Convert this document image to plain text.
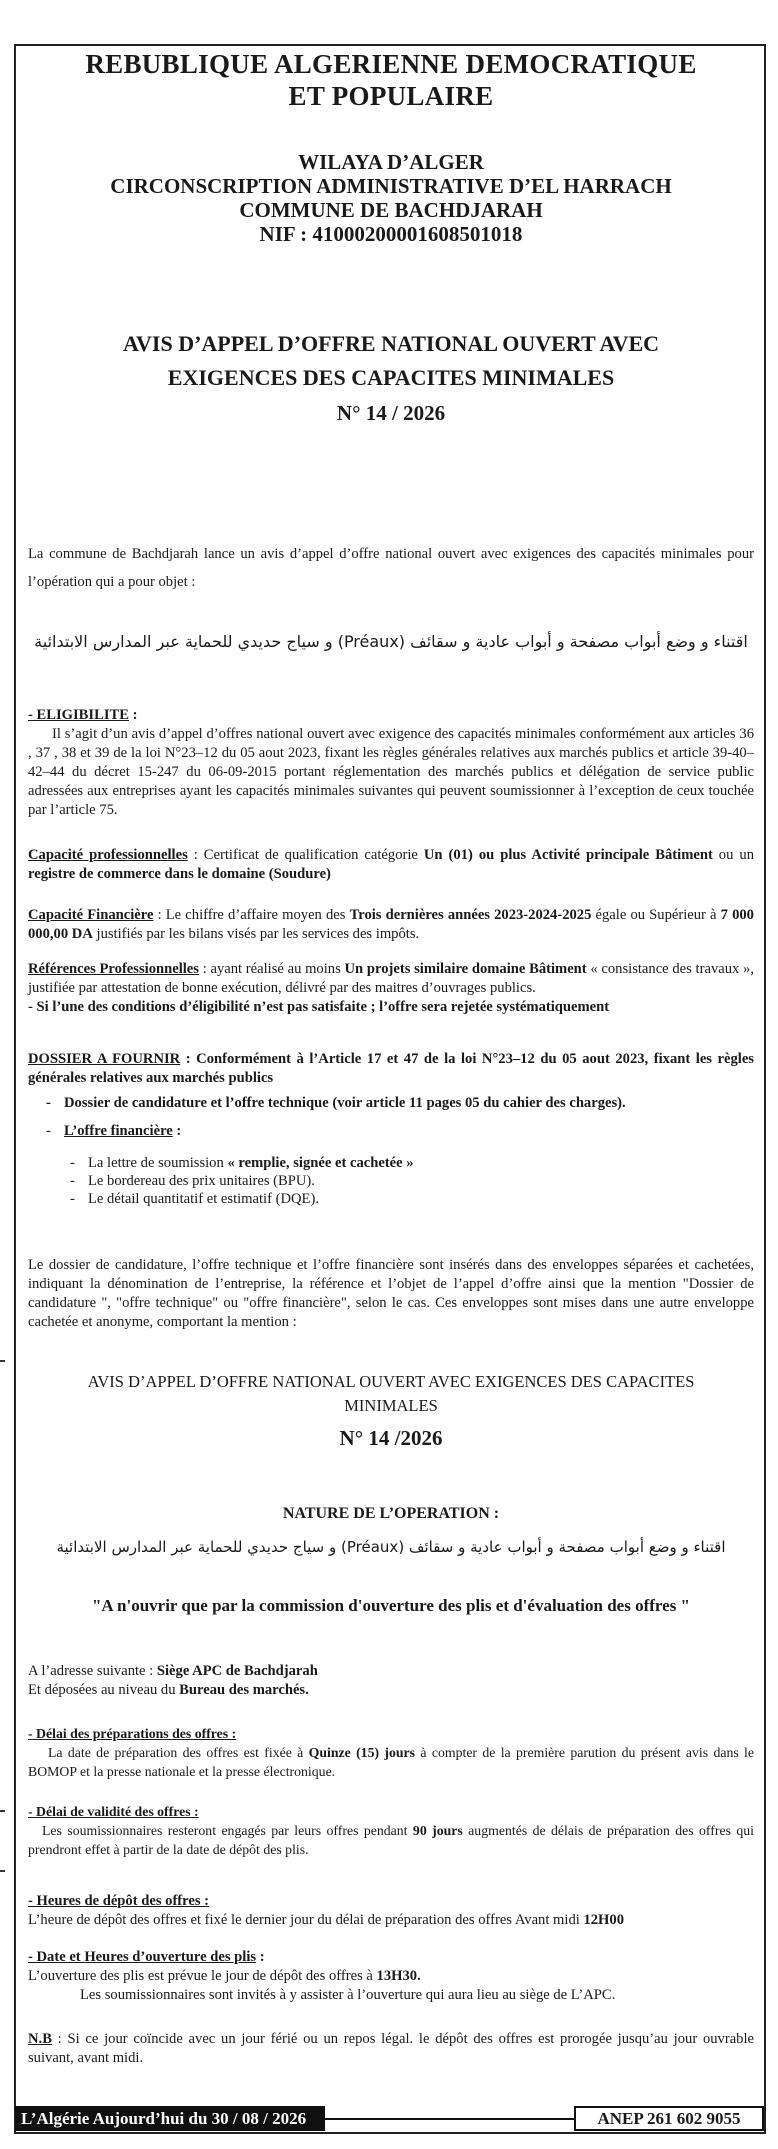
REBUBLIQUE ALGERIENNE DEMOCRATIQUE
ET POPULAIRE
WILAYA D’ALGER
CIRCONSCRIPTION ADMINISTRATIVE D’EL HARRACH
COMMUNE DE BACHDJARAH
NIF : 41000200001608501018
AVIS D’APPEL D’OFFRE NATIONAL OUVERT AVEC
EXIGENCES DES CAPACITES MINIMALES
N° 14 / 2026
La commune de Bachdjarah lance un avis d’appel d’offre national ouvert avec exigences des capacités minimales pour l’opération qui a pour objet :
اقتناء و وضع أبواب مصفحة و أبواب عادية و سقائف (Préaux) و سياج حديدي للحماية عبر المدارس الابتدائية
- ELIGIBILITE :
Il s’agit d’un avis d’appel d’offres national ouvert avec exigence des capacités minimales conformément aux articles 36 , 37 , 38 et 39 de la loi N°23–12 du 05 aout 2023, fixant les règles générales relatives aux marchés publics et article 39-40–42–44 du décret 15-247 du 06-09-2015 portant réglementation des marchés publics et délégation de service public adressées aux entreprises ayant les capacités minimales suivantes qui peuvent soumissionner à l’exception de ceux touchée par l’article 75.
Capacité professionnelles : Certificat de qualification catégorie Un (01) ou plus Activité principale Bâtiment ou un registre de commerce dans le domaine (Soudure)
Capacité Financière : Le chiffre d’affaire moyen des Trois dernières années 2023-2024-2025 égale ou Supérieur à 7 000 000,00 DA justifiés par les bilans visés par les services des impôts.
Références Professionnelles : ayant réalisé au moins Un projets similaire domaine Bâtiment « consistance des travaux », justifiée par attestation de bonne exécution, délivré par des maitres d’ouvrages publics.
- Si l’une des conditions d’éligibilité n’est pas satisfaite ; l’offre sera rejetée systématiquement
DOSSIER A FOURNIR : Conformément à l’Article 17 et 47 de la loi N°23–12 du 05 aout 2023, fixant les règles générales relatives aux marchés publics
- Dossier de candidature et l’offre technique (voir article 11 pages 05 du cahier des charges).
- L’offre financière :
- La lettre de soumission « remplie, signée et cachetée »
- Le bordereau des prix unitaires (BPU).
- Le détail quantitatif et estimatif (DQE).
Le dossier de candidature, l’offre technique et l’offre financière sont insérés dans des enveloppes séparées et cachetées, indiquant la dénomination de l’entreprise, la référence et l’objet de l’appel d’offre ainsi que la mention "Dossier de candidature ", "offre technique" ou "offre financière", selon le cas. Ces enveloppes sont mises dans une autre enveloppe cachetée et anonyme, comportant la mention :
AVIS D’APPEL D’OFFRE NATIONAL OUVERT AVEC EXIGENCES DES CAPACITES
MINIMALES
N° 14 /2026
NATURE DE L’OPERATION :
اقتناء و وضع أبواب مصفحة و أبواب عادية و سقائف (Préaux) و سياج حديدي للحماية عبر المدارس الابتدائية
"A n'ouvrir que par la commission d'ouverture des plis et d'évaluation des offres "
A l’adresse suivante : Siège APC de Bachdjarah
Et déposées au niveau du Bureau des marchés.
- Délai des préparations des offres :
La date de préparation des offres est fixée à Quinze (15) jours à compter de la première parution du présent avis dans le BOMOP et la presse nationale et la presse électronique.
- Délai de validité des offres :
Les soumissionnaires resteront engagés par leurs offres pendant 90 jours augmentés de délais de préparation des offres qui prendront effet à partir de la date de dépôt des plis.
- Heures de dépôt des offres :
L’heure de dépôt des offres et fixé le dernier jour du délai de préparation des offres Avant midi 12H00
- Date et Heures d’ouverture des plis :
L’ouverture des plis est prévue le jour de dépôt des offres à 13H30.
Les soumissionnaires sont invités à y assister à l’ouverture qui aura lieu au siège de L’APC.
N.B : Si ce jour coïncide avec un jour férié ou un repos légal. le dépôt des offres est prorogée jusqu’au jour ouvrable suivant, avant midi.
L’Algérie Aujourd’hui du 30 / 08 / 2026	ANEP 261 602 9055
